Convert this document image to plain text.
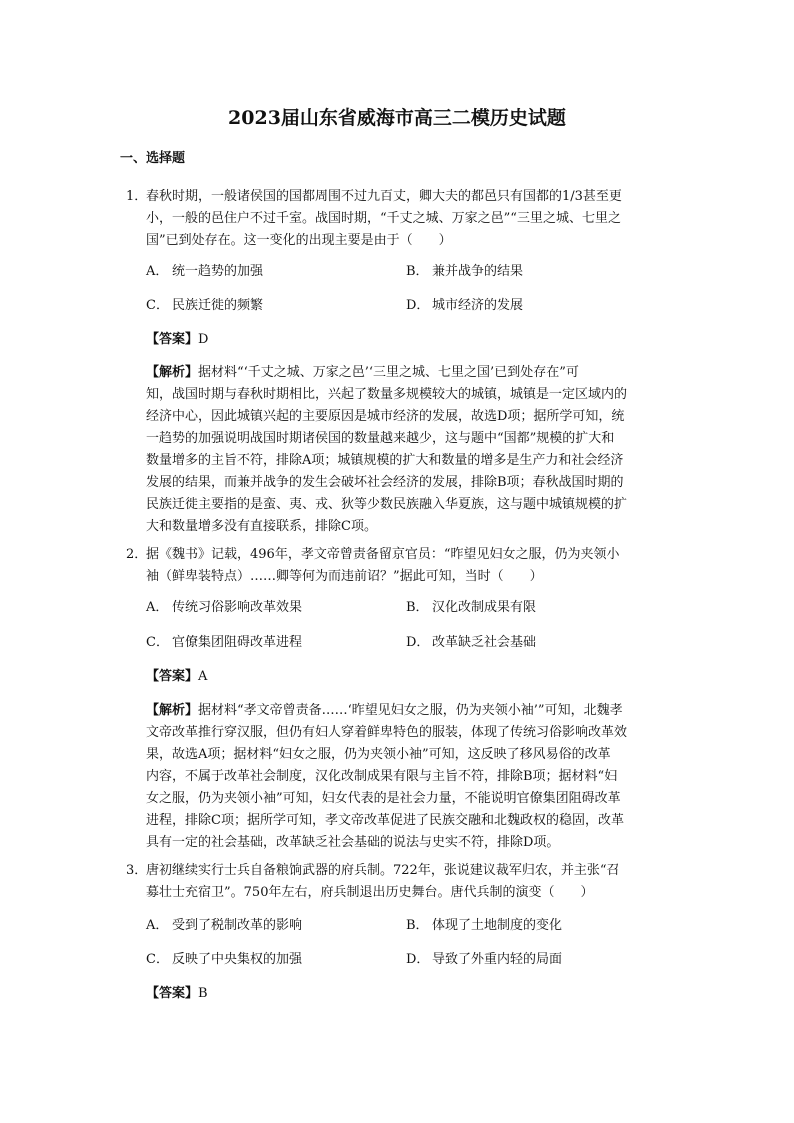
2023届山东省威海市高三二模历史试题
一、选择题
1．春秋时期，一般诸侯国的国都周围不过九百丈，卿大夫的都邑只有国都的1/3甚至更
小，一般的邑住户不过千室。战国时期，“千丈之城、万家之邑”“三里之城、七里之
国”已到处存在。这一变化的出现主要是由于（　　）
A． 统一趋势的加强	B． 兼并战争的结果
C． 民族迁徙的频繁	D． 城市经济的发展
【答案】D
【解析】据材料“‘千丈之城、万家之邑’‘三里之城、七里之国’已到处存在”可
知，战国时期与春秋时期相比，兴起了数量多规模较大的城镇，城镇是一定区域内的
经济中心，因此城镇兴起的主要原因是城市经济的发展，故选D项；据所学可知，统
一趋势的加强说明战国时期诸侯国的数量越来越少，这与题中“国都”规模的扩大和
数量增多的主旨不符，排除A项；城镇规模的扩大和数量的增多是生产力和社会经济
发展的结果，而兼并战争的发生会破坏社会经济的发展，排除B项；春秋战国时期的
民族迁徙主要指的是蛮、夷、戎、狄等少数民族融入华夏族，这与题中城镇规模的扩
大和数量增多没有直接联系，排除C项。
2．据《魏书》记载，496年，孝文帝曾责备留京官员：“昨望见妇女之服，仍为夹领小
袖（鲜卑装特点）……卿等何为而违前诏？”据此可知，当时（　　）
A． 传统习俗影响改革效果	B． 汉化改制成果有限
C． 官僚集团阻碍改革进程	D． 改革缺乏社会基础
【答案】A
【解析】据材料“孝文帝曾责备……‘昨望见妇女之服，仍为夹领小袖’”可知，北魏孝
文帝改革推行穿汉服，但仍有妇人穿着鲜卑特色的服装，体现了传统习俗影响改革效
果，故选A项；据材料“妇女之服，仍为夹领小袖”可知，这反映了移风易俗的改革
内容，不属于改革社会制度，汉化改制成果有限与主旨不符，排除B项；据材料“妇
女之服，仍为夹领小袖”可知，妇女代表的是社会力量，不能说明官僚集团阻碍改革
进程，排除C项；据所学可知，孝文帝改革促进了民族交融和北魏政权的稳固，改革
具有一定的社会基础，改革缺乏社会基础的说法与史实不符，排除D项。
3．唐初继续实行士兵自备粮饷武器的府兵制。722年，张说建议裁军归农，并主张“召
募壮士充宿卫”。750年左右，府兵制退出历史舞台。唐代兵制的演变（　　）
A． 受到了税制改革的影响	B． 体现了土地制度的变化
C． 反映了中央集权的加强	D． 导致了外重内轻的局面
【答案】B
